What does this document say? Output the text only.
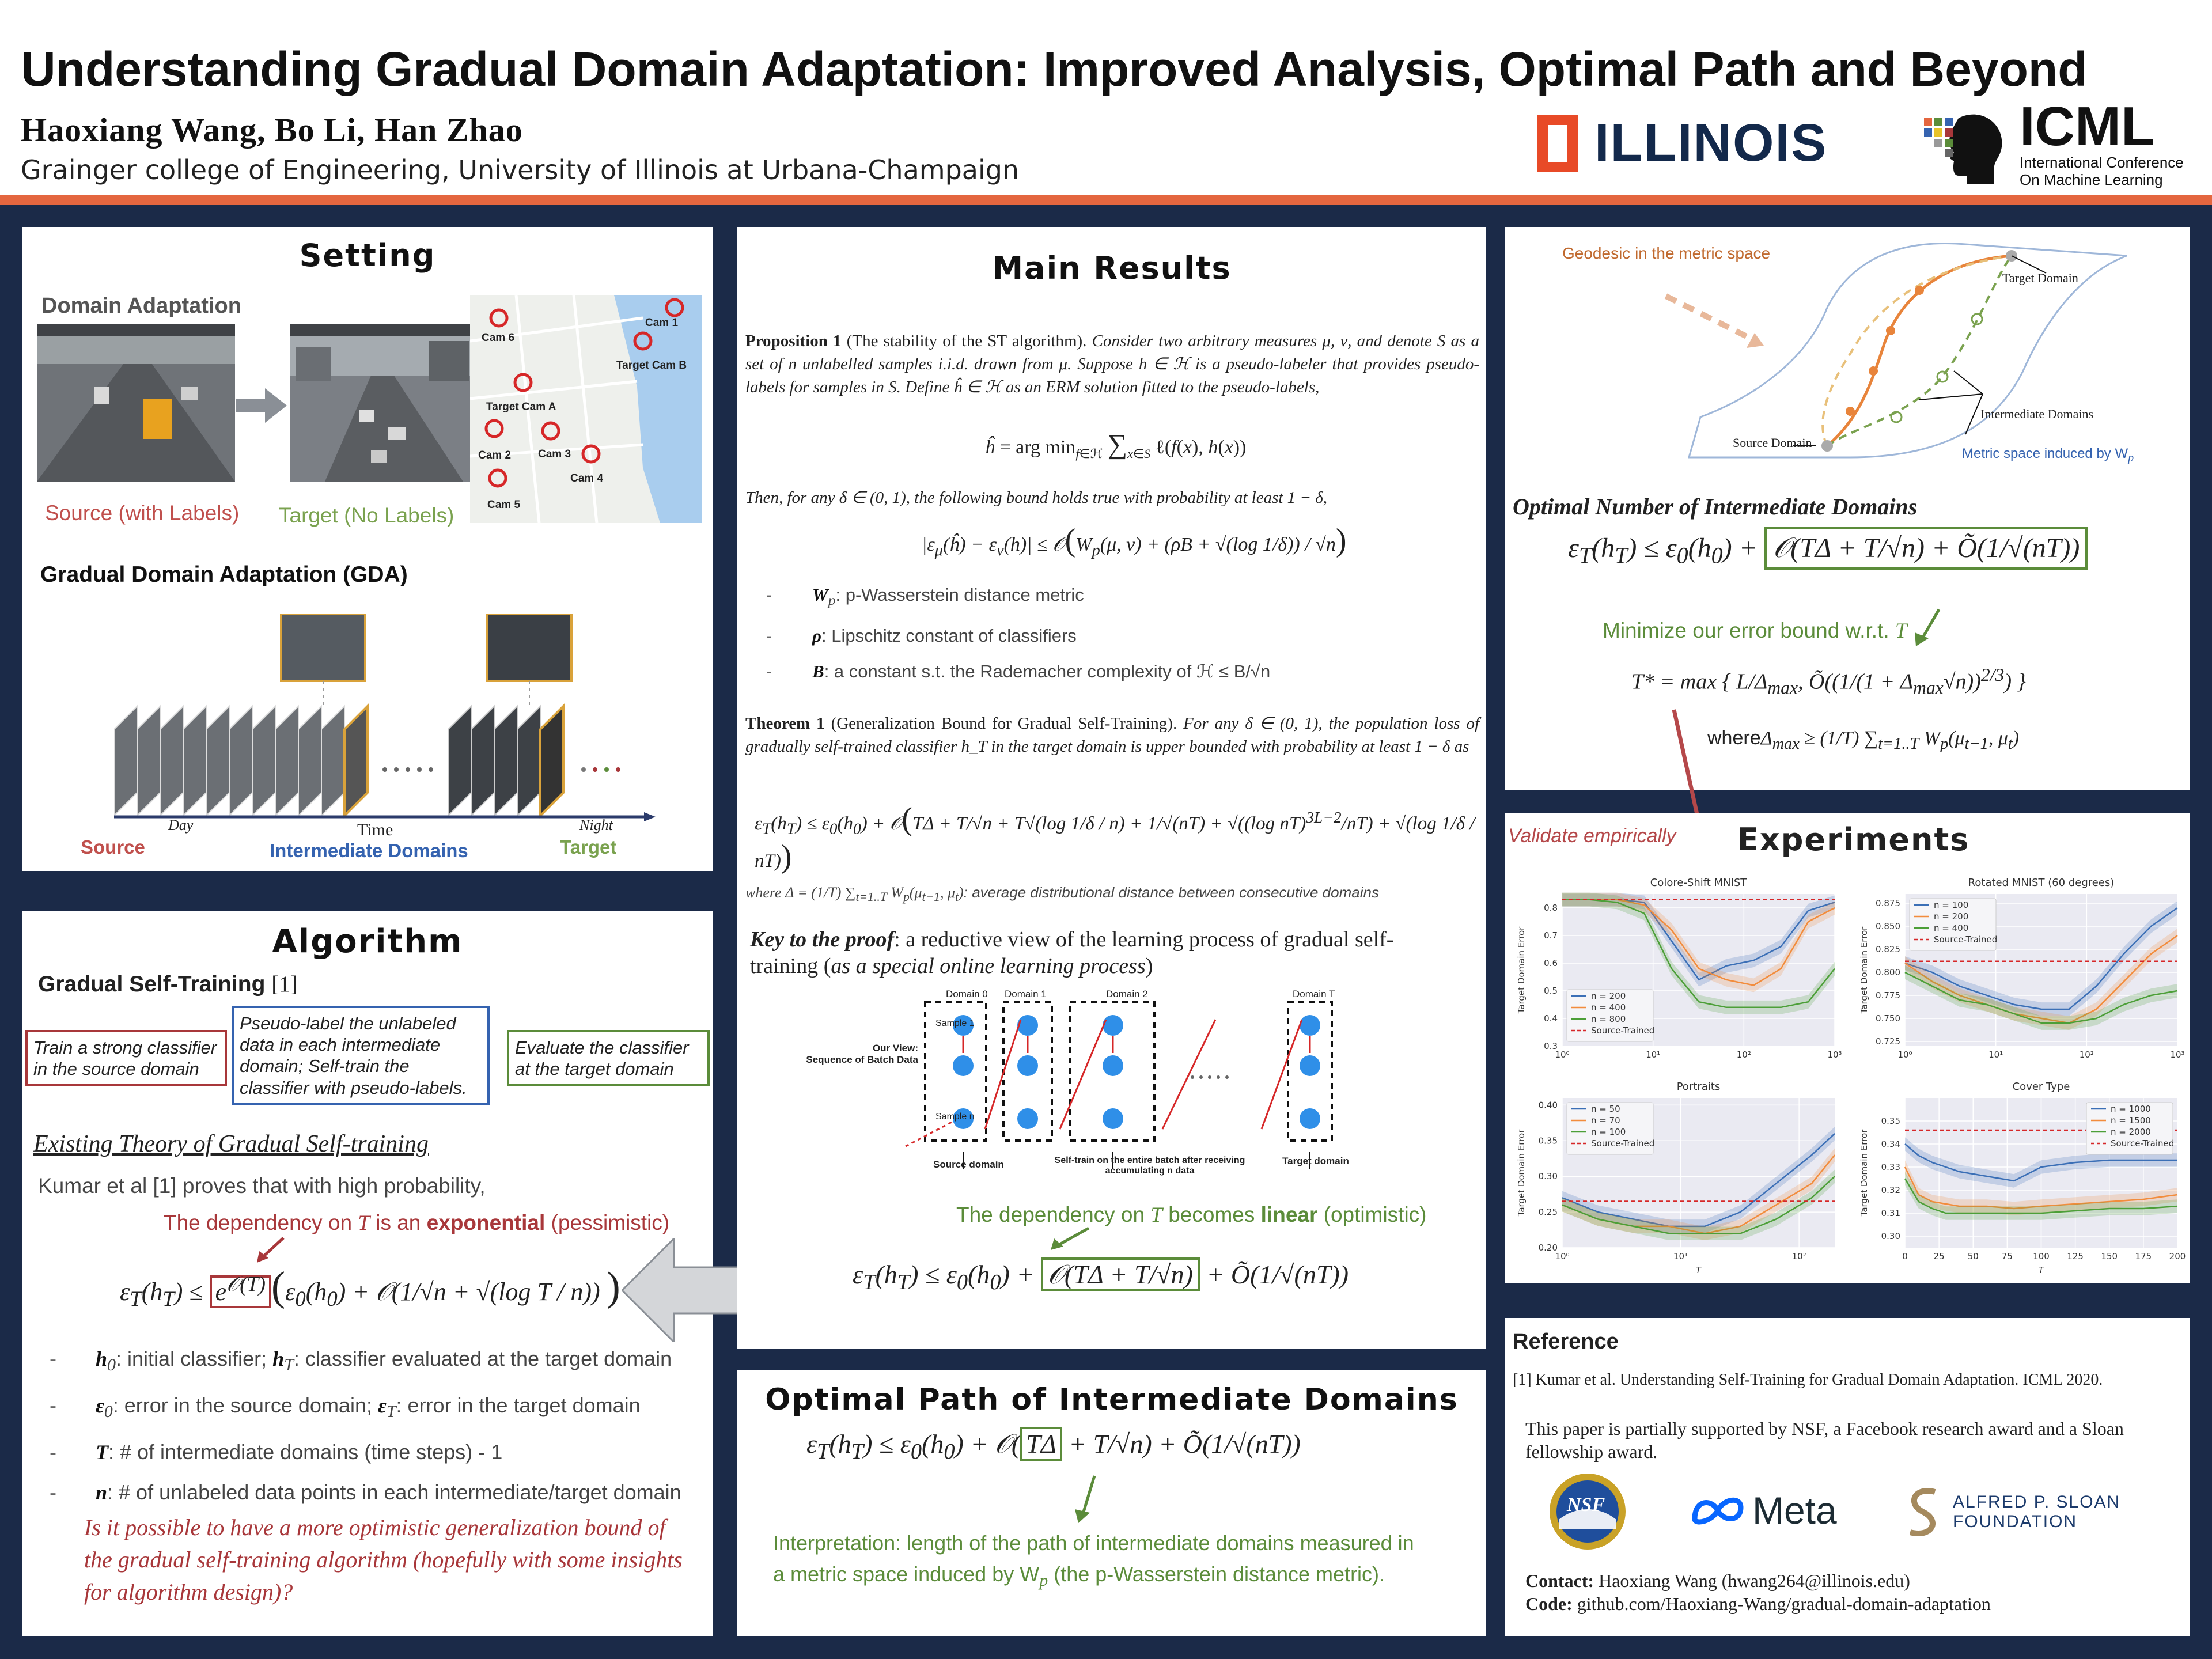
Understanding Gradual Domain Adaptation: Improved Analysis, Optimal Path and Beyond
Haoxiang Wang, Bo Li, Han Zhao
Grainger college of Engineering, University of Illinois at Urbana-Champaign	ILLINOIS	ICML
International Conference
On Machine Learning
Setting
Domain Adaptation
Cam 6
Cam 1
Target Cam B
Target Cam A
Cam 2 Cam 3
Cam 4
Cam 5
Source (with Labels) Target (No Labels)
Gradual Domain Adaptation (GDA)
Day	Time	Night
Source	Intermediate Domains	Target
Algorithm
Gradual Self-Training [1]
Train a strong classifier in the source domain
Pseudo-label the unlabeled data in each intermediate domain; Self-train the classifier with pseudo-labels.
Evaluate the classifier at the target domain
Existing Theory of Gradual Self-training
Kumar et al [1] proves that with high probability,
The dependency on T is an exponential (pessimistic)
$\varepsilon_T(h_T) \le e^{𝒪(T)}$ ($\varepsilon_0(h_0)$ + 𝒪(1/√n + √(log T / n)) )
- $h_0$: initial classifier; $h_T$: classifier evaluated at the target domain
- $\varepsilon_0$: error in the source domain; $\varepsilon_T$: error in the target domain
- T: # of intermediate domains (time steps) - 1
- n: # of unlabeled data points in each intermediate/target domain
Is it possible to have a more optimistic generalization bound of the gradual self-training algorithm (hopefully with some insights for algorithm design)?
Main Results
Proposition 1 (The stability of the ST algorithm). Consider two arbitrary measures μ, ν, and denote S as a set of n unlabelled samples i.i.d. drawn from μ. Suppose h ∈ ℋ is a pseudo-labeler that provides pseudo-labels for samples in S. Define ĥ ∈ ℋ as an ERM solution fitted to the pseudo-labels,
ĥ = arg $\min_{f\in ℋ} \sum_{x\in S}$ ℓ(f(x), h(x))
Then, for any δ ∈ (0, 1), the following bound holds true with probability at least 1 − δ,
$|\varepsilon_\mu(ĥ) - \varepsilon_\nu(h)|$ ≤ $𝒪(W_p(\mu$, ν) + (ρB + √(log 1/δ)) / √n)
- $W_p$: p-Wasserstein distance metric
- ρ: Lipschitz constant of classifiers
- B: a constant s.t. the Rademacher complexity of ℋ ≤ B/√n
Theorem 1 (Generalization Bound for Gradual Self-Training). For any δ ∈ (0, 1), the population loss of gradually self-trained classifier h_T in the target domain is upper bounded with probability at least 1 − δ as
$\varepsilon_T(h_T) \le \varepsilon_0(h_0)$ + 𝒪(TΔ + T/√n + T√(log 1/δ / n) + 1/√(nT) + √((log nT)$^{3L-2}$/nT) + √(log 1/δ / nT))
where Δ = (1/T) $\sum_{t=1..T}$ $W_p(\mu_{t-1}$, $\mu_t$): average distributional distance between consecutive domains
Key to the proof: a reductive view of the learning process of gradual self-training (as a special online learning process)
Our View:
Sequence of Batch Data
Domain 0 Domain 1	Domain 2	Domain T
Sample 1
Sample n
Source domain	Self-train on the entire batch after receiving accumulating n data
Target domain
The dependency on T becomes linear (optimistic)
$\varepsilon_T(h_T) \le \varepsilon_0(h_0)$ + 𝒪(TΔ + T/√n) + Õ(1/√(nT))
Optimal Path of Intermediate Domains
$\varepsilon_T(h_T) \le \varepsilon_0(h_0)$ + 𝒪( TΔ + T/√n) + Õ(1/√(nT))
Interpretation: length of the path of intermediate domains measured in a metric space induced by $W_p$ (the p-Wasserstein distance metric).
Geodesic in the metric space
Target Domain
Intermediate Domains
Source Domain
Metric space induced by $W_p$
Optimal Number of Intermediate Domains
$\varepsilon_T(h_T) \le \varepsilon_0(h_0)$ + 𝒪(TΔ + T/√n) + Õ(1/√(nT))
Minimize our error bound w.r.t. T
T* = max { $L/\Delta_{max}$, Õ((1/(1 + $\Delta_{max}√n))^{2/3}$) }
whereΔ$_{max}$ ≥ (1/T) $\sum_{t=1..T}$ $W_p(\mu_{t-1}$, $\mu_t$)
Validate empirically Experiments
Colore-Shift MNIST
0.3
0.4
0.5
0.6
0.7
0.8
10⁰	10¹	10²	10³
Target Domain Error	n = 200
n = 400
n = 800
Source-Trained
Rotated MNIST (60 degrees)
0.725
0.750
0.775
0.800
0.825
0.850
0.875
10⁰	10¹	10²	10³
Target Domain Error
n = 100
n = 200
n = 400
Source-Trained
Portraits
0.20
0.25
0.30
0.35
0.40
10⁰	10¹	10²
Target Domain Error
T
n = 50
n = 70
n = 100
Source-Trained
Cover Type
0.30
0.31
0.32
0.33
0.34
0.35
0	25	50	75 100 125 150 175 200
Target Domain Error
T
n = 1000
n = 1500
n = 2000
Source-Trained
Reference
[1] Kumar et al. Understanding Self-Training for Gradual Domain Adaptation. ICML 2020.
This paper is partially supported by NSF, a Facebook research award and a Sloan fellowship award.
NSF	Meta	ALFRED P. SLOAN
FOUNDATION
Contact: Haoxiang Wang (hwang264@illinois.edu)
Code: github.com/Haoxiang-Wang/gradual-domain-adaptation
